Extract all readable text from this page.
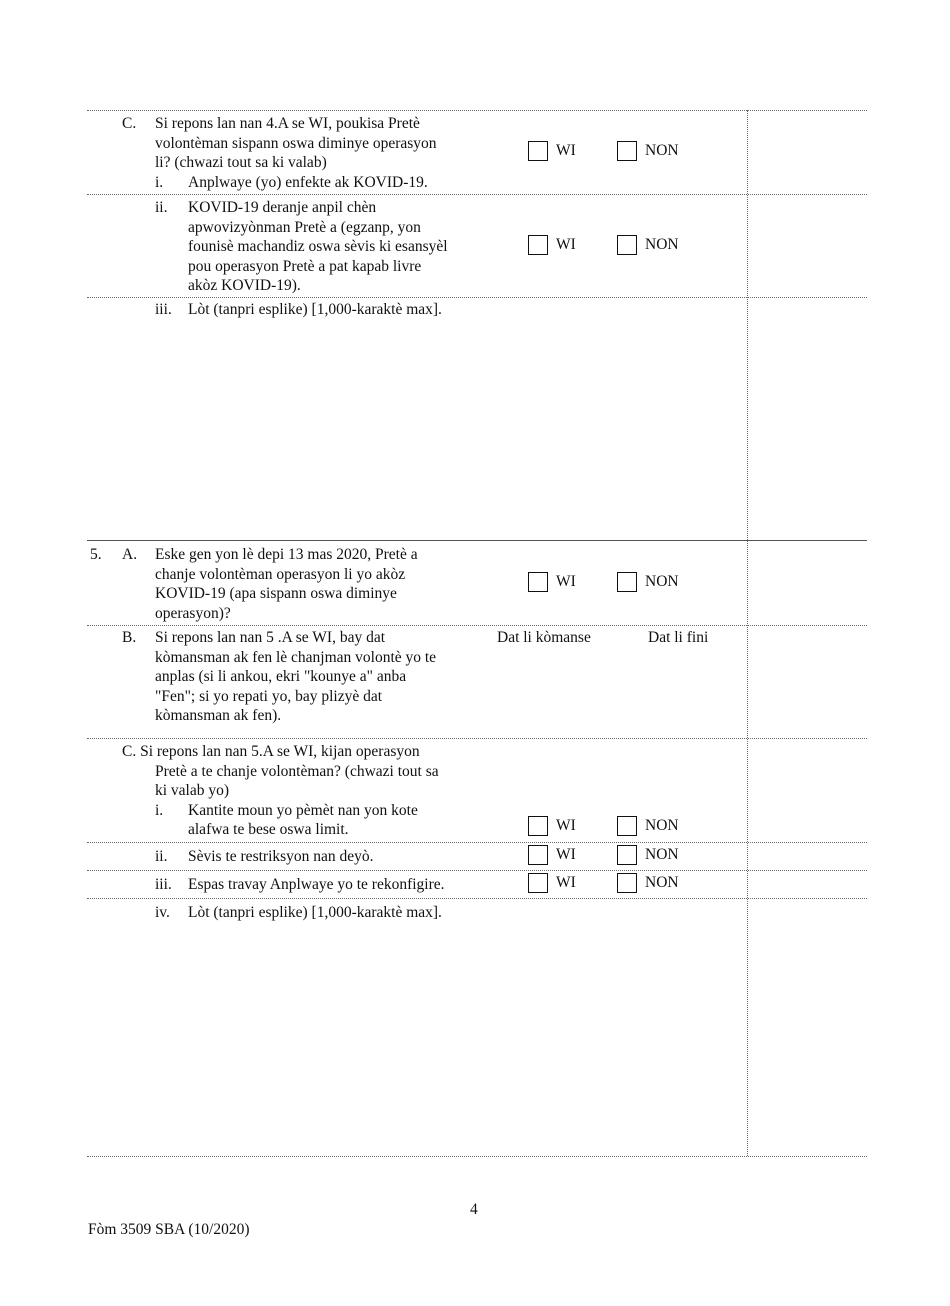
C. Si repons lan nan 4.A se WI, poukisa Pretè
volontèman sispann oswa diminye operasyon
li? (chwazi tout sa ki valab)
i. Anplwaye (yo) enfekte ak KOVID-19.
WI	NON
ii. KOVID-19 deranje anpil chèn
apwovizyònman Pretè a (egzanp, yon
founisè machandiz oswa sèvis ki esansyèl
pou operasyon Pretè a pat kapab livre
akòz KOVID-19).
WI	NON
iii. Lòt (tanpri esplike) [1,000-karaktè max].
5. A. Eske gen yon lè depi 13 mas 2020, Pretè a
chanje volontèman operasyon li yo akòz
KOVID-19 (apa sispann oswa diminye
operasyon)?
WI	NON
B. Si repons lan nan 5 .A se WI, bay dat
kòmansman ak fen lè chanjman volontè yo te
anplas (si li ankou, ekri "kounye a" anba
"Fen"; si yo repati yo, bay plizyè dat
kòmansman ak fen).
Dat li kòmanse	Dat li fini
C. Si repons lan nan 5.A se WI, kijan operasyon
Pretè a te chanje volontèman? (chwazi tout sa
ki valab yo)
i. Kantite moun yo pèmèt nan yon kote
alafwa te bese oswa limit.	WI	NON
ii. Sèvis te restriksyon nan deyò.	WI	NON
iii. Espas travay Anplwaye yo te rekonfigire.	WI	NON
iv. Lòt (tanpri esplike) [1,000-karaktè max].
4
Fòm 3509 SBA (10/2020)
